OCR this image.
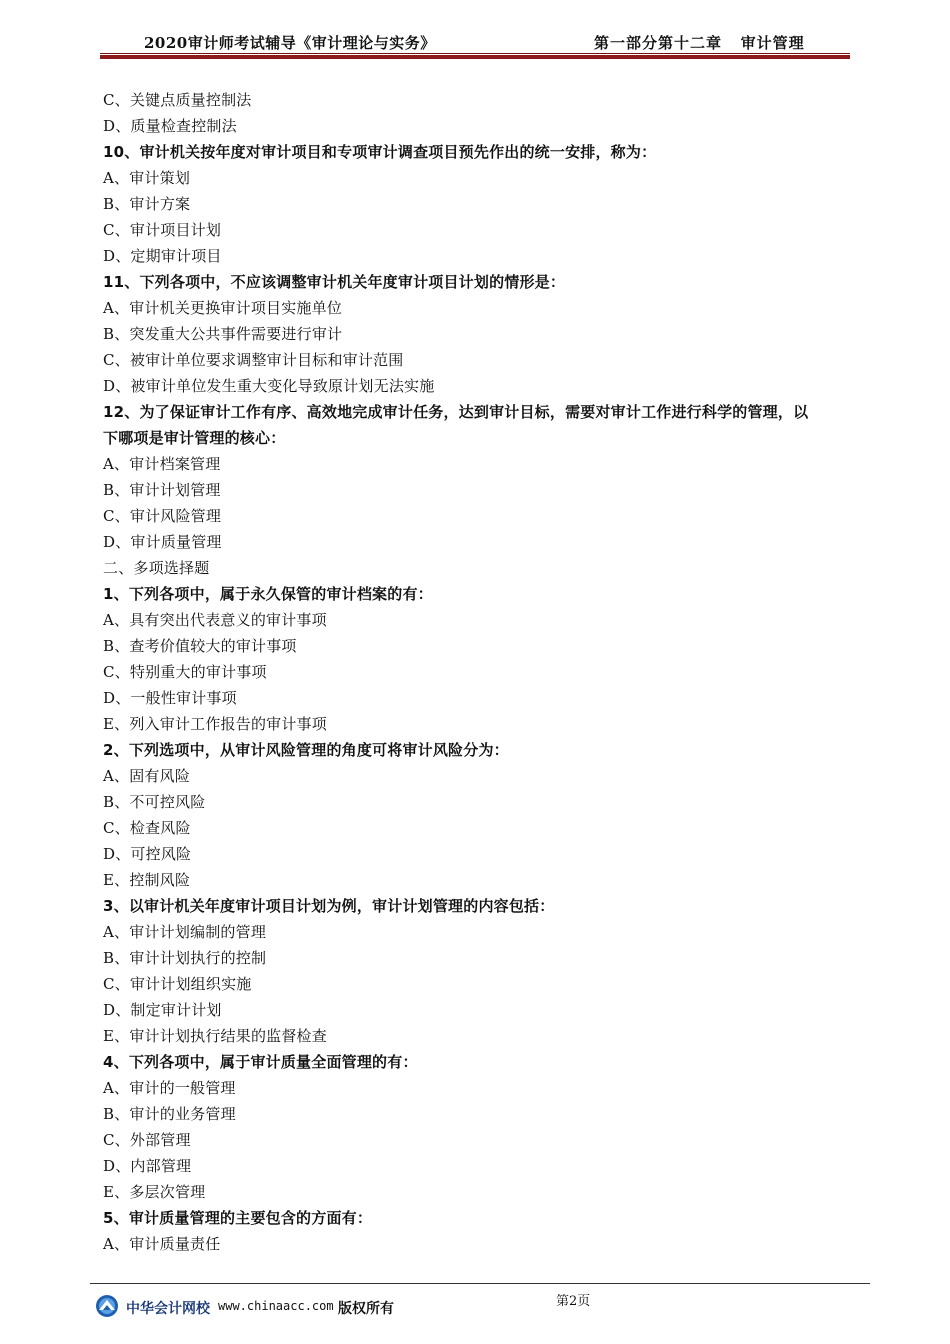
2020审计师考试辅导《审计理论与实务》	第一部分第十二章   审计管理
C、关键点质量控制法
D、质量检查控制法
10、审计机关按年度对审计项目和专项审计调查项目预先作出的统一安排，称为：
A、审计策划
B、审计方案
C、审计项目计划
D、定期审计项目
11、下列各项中，不应该调整审计机关年度审计项目计划的情形是：
A、审计机关更换审计项目实施单位
B、突发重大公共事件需要进行审计
C、被审计单位要求调整审计目标和审计范围
D、被审计单位发生重大变化导致原计划无法实施
12、为了保证审计工作有序、高效地完成审计任务，达到审计目标，需要对审计工作进行科学的管理，以
下哪项是审计管理的核心：
A、审计档案管理
B、审计计划管理
C、审计风险管理
D、审计质量管理
二、多项选择题
1、下列各项中，属于永久保管的审计档案的有：
A、具有突出代表意义的审计事项
B、查考价值较大的审计事项
C、特别重大的审计事项
D、一般性审计事项
E、列入审计工作报告的审计事项
2、下列选项中，从审计风险管理的角度可将审计风险分为：
A、固有风险
B、不可控风险
C、检查风险
D、可控风险
E、控制风险
3、以审计机关年度审计项目计划为例，审计计划管理的内容包括：
A、审计计划编制的管理
B、审计计划执行的控制
C、审计计划组织实施
D、制定审计计划
E、审计计划执行结果的监督检查
4、下列各项中，属于审计质量全面管理的有：
A、审计的一般管理
B、审计的业务管理
C、外部管理
D、内部管理
E、多层次管理
5、审计质量管理的主要包含的方面有：
A、审计质量责任
第2页
中华会计网校 www.chinaacc.com 版权所有
